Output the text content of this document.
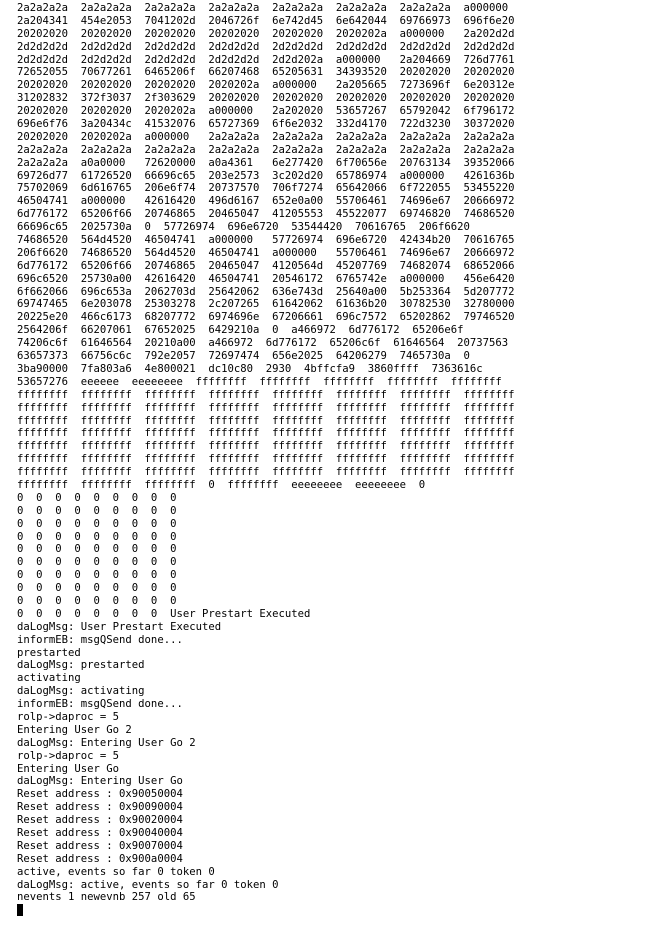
2a2a2a2a  2a2a2a2a  2a2a2a2a  2a2a2a2a  2a2a2a2a  2a2a2a2a  2a2a2a2a  a000000
2a204341  454e2053  7041202d  2046726f  6e742d45  6e642044  69766973  696f6e20
20202020  20202020  20202020  20202020  20202020  2020202a  a000000   2a202d2d
2d2d2d2d  2d2d2d2d  2d2d2d2d  2d2d2d2d  2d2d2d2d  2d2d2d2d  2d2d2d2d  2d2d2d2d
2d2d2d2d  2d2d2d2d  2d2d2d2d  2d2d2d2d  2d2d202a  a000000   2a204669  726d7761
72652055  70677261  6465206f  66207468  65205631  34393520  20202020  20202020
20202020  20202020  20202020  2020202a  a000000   2a205665  7273696f  6e20312e
31202832  372f3037  2f303629  20202020  20202020  20202020  20202020  20202020
20202020  20202020  2020202a  a000000   2a202020  53657267  65792042  6f796172
696e6f76  3a20434c  41532076  65727369  6f6e2032  332d4170  722d3230  30372020
20202020  2020202a  a000000   2a2a2a2a  2a2a2a2a  2a2a2a2a  2a2a2a2a  2a2a2a2a
2a2a2a2a  2a2a2a2a  2a2a2a2a  2a2a2a2a  2a2a2a2a  2a2a2a2a  2a2a2a2a  2a2a2a2a
2a2a2a2a  a0a0000   72620000  a0a4361   6e277420  6f70656e  20763134  39352066
69726d77  61726520  66696c65  203e2573  3c202d20  65786974  a000000   4261636b
75702069  6d616765  206e6f74  20737570  706f7274  65642066  6f722055  53455220
46504741  a000000   42616420  496d6167  652e0a00  55706461  74696e67  20666972
6d776172  65206f66  20746865  20465047  41205553  45522077  69746820  74686520
66696c65  2025730a  0  57726974  696e6720  53544420  70616765  206f6620
74686520  564d4520  46504741  a000000   57726974  696e6720  42434b20  70616765
206f6620  74686520  564d4520  46504741  a000000   55706461  74696e67  20666972
6d776172  65206f66  20746865  20465047  4120564d  45207769  74682074  68652066
696c6520  25730a00  42616420  46504741  20546172  6765742e  a000000   456e6420
6f662066  696c653a  2062703d  25642062  636e743d  25640a00  5b253364  5d207772
69747465  6e203078  25303278  2c207265  61642062  61636b20  30782530  32780000
20225e20  466c6173  68207772  6974696e  67206661  696c7572  65202862  79746520
2564206f  66207061  67652025  6429210a  0  a466972  6d776172  65206e6f
74206c6f  61646564  20210a00  a466972  6d776172  65206c6f  61646564  20737563
63657373  66756c6c  792e2057  72697474  656e2025  64206279  7465730a  0
3ba90000  7fa803a6  4e800021  dc10c80  2930  4bffcfa9  3860ffff  7363616c
53657276  eeeeee  eeeeeeee  ffffffff  ffffffff  ffffffff  ffffffff  ffffffff
ffffffff  ffffffff  ffffffff  ffffffff  ffffffff  ffffffff  ffffffff  ffffffff
ffffffff  ffffffff  ffffffff  ffffffff  ffffffff  ffffffff  ffffffff  ffffffff
ffffffff  ffffffff  ffffffff  ffffffff  ffffffff  ffffffff  ffffffff  ffffffff
ffffffff  ffffffff  ffffffff  ffffffff  ffffffff  ffffffff  ffffffff  ffffffff
ffffffff  ffffffff  ffffffff  ffffffff  ffffffff  ffffffff  ffffffff  ffffffff
ffffffff  ffffffff  ffffffff  ffffffff  ffffffff  ffffffff  ffffffff  ffffffff
ffffffff  ffffffff  ffffffff  ffffffff  ffffffff  ffffffff  ffffffff  ffffffff
ffffffff  ffffffff  ffffffff  0  ffffffff  eeeeeeee  eeeeeeee  0
0  0  0  0  0  0  0  0  0
0  0  0  0  0  0  0  0  0
0  0  0  0  0  0  0  0  0
0  0  0  0  0  0  0  0  0
0  0  0  0  0  0  0  0  0
0  0  0  0  0  0  0  0  0
0  0  0  0  0  0  0  0  0
0  0  0  0  0  0  0  0  0
0  0  0  0  0  0  0  0  0
0  0  0  0  0  0  0  0  User Prestart Executed
daLogMsg: User Prestart Executed
informEB: msgQSend done...
prestarted
daLogMsg: prestarted
activating
daLogMsg: activating
informEB: msgQSend done...
rolp->daproc = 5
Entering User Go 2
daLogMsg: Entering User Go 2
rolp->daproc = 5
Entering User Go
daLogMsg: Entering User Go
Reset address : 0x90050004
Reset address : 0x90090004
Reset address : 0x90020004
Reset address : 0x90040004
Reset address : 0x90070004
Reset address : 0x900a0004
active, events so far 0 token 0
daLogMsg: active, events so far 0 token 0
nevents 1 newevnb 257 old 65
